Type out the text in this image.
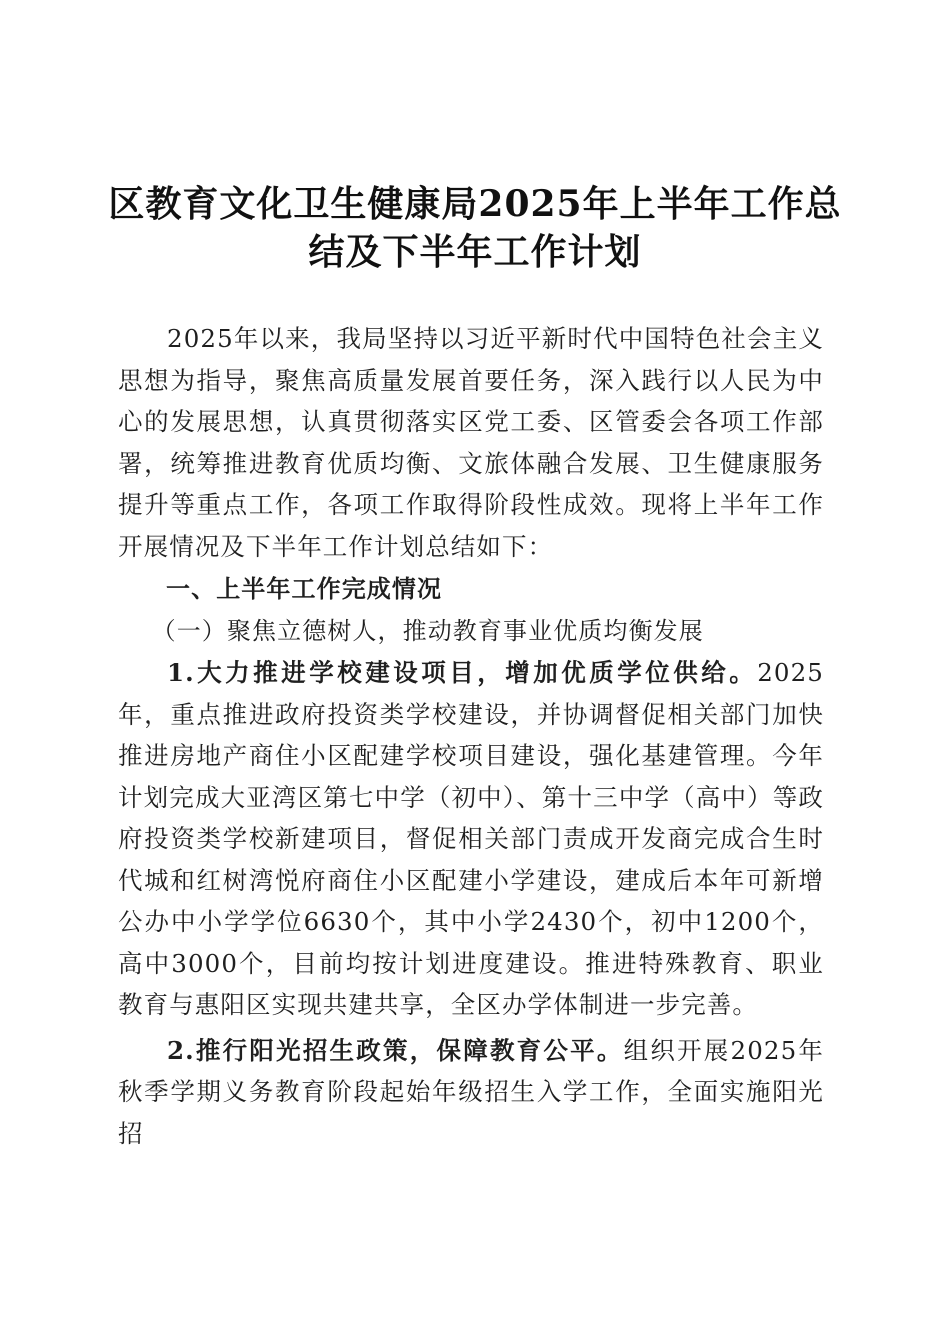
区教育文化卫生健康局2025年上半年工作总
结及下半年工作计划

2025年以来，我局坚持以习近平新时代中国特色社会主义思想为指导，聚焦高质量发展首要任务，深入践行以人民为中心的发展思想，认真贯彻落实区党工委、区管委会各项工作部署，统筹推进教育优质均衡、文旅体融合发展、卫生健康服务提升等重点工作，各项工作取得阶段性成效。现将上半年工作开展情况及下半年工作计划总结如下：

一、上半年工作完成情况

（一）聚焦立德树人，推动教育事业优质均衡发展

1.大力推进学校建设项目，增加优质学位供给。2025年，重点推进政府投资类学校建设，并协调督促相关部门加快推进房地产商住小区配建学校项目建设，强化基建管理。今年计划完成大亚湾区第七中学（初中）、第十三中学（高中）等政府投资类学校新建项目，督促相关部门责成开发商完成合生时代城和红树湾悦府商住小区配建小学建设，建成后本年可新增公办中小学学位6630个，其中小学2430个，初中1200个，高中3000个，目前均按计划进度建设。推进特殊教育、职业教育与惠阳区实现共建共享，全区办学体制进一步完善。

2.推行阳光招生政策，保障教育公平。组织开展2025年秋季学期义务教育阶段起始年级招生入学工作，全面实施阳光招
